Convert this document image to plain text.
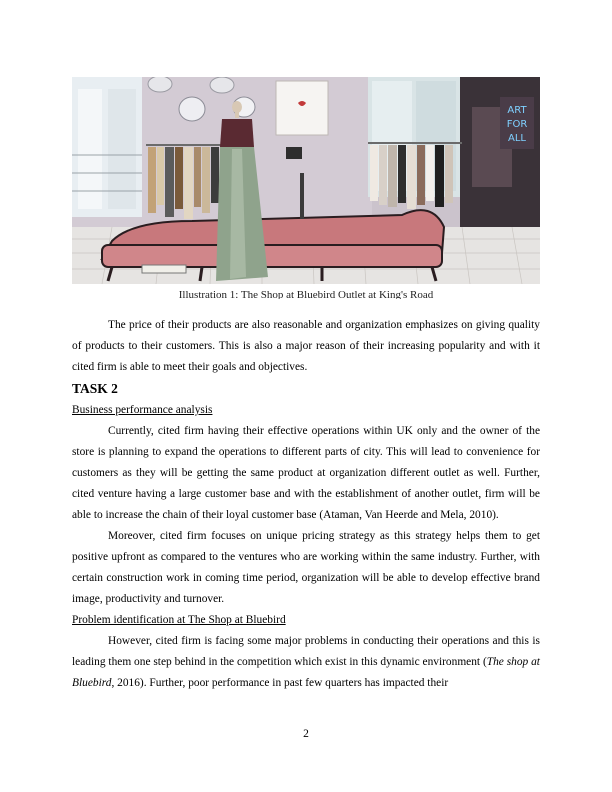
ART
FOR
ALL
Illustration 1: The Shop at Bluebird Outlet at King's Road

The price of their products are also reasonable and organization emphasizes on giving quality of products to their customers. This is also a major reason of their increasing popularity and with it cited firm is able to meet their goals and objectives.

TASK 2

Business performance analysis

Currently, cited firm having their effective operations within UK only and the owner of the store is planning to expand the operations to different parts of city. This will lead to convenience for customers as they will be getting the same product at organization different outlet as well. Further, cited venture having a large customer base and with the establishment of another outlet, firm will be able to increase the chain of their loyal customer base (Ataman, Van Heerde and Mela, 2010).

Moreover, cited firm focuses on unique pricing strategy as this strategy helps them to get positive upfront as compared to the ventures who are working within the same industry. Further, with certain construction work in coming time period, organization will be able to develop effective brand image, productivity and turnover.

Problem identification at The Shop at Bluebird

However, cited firm is facing some major problems in conducting their operations and this is leading them one step behind in the competition which exist in this dynamic environment (The shop at Bluebird, 2016). Further, poor performance in past few quarters has impacted their

2
